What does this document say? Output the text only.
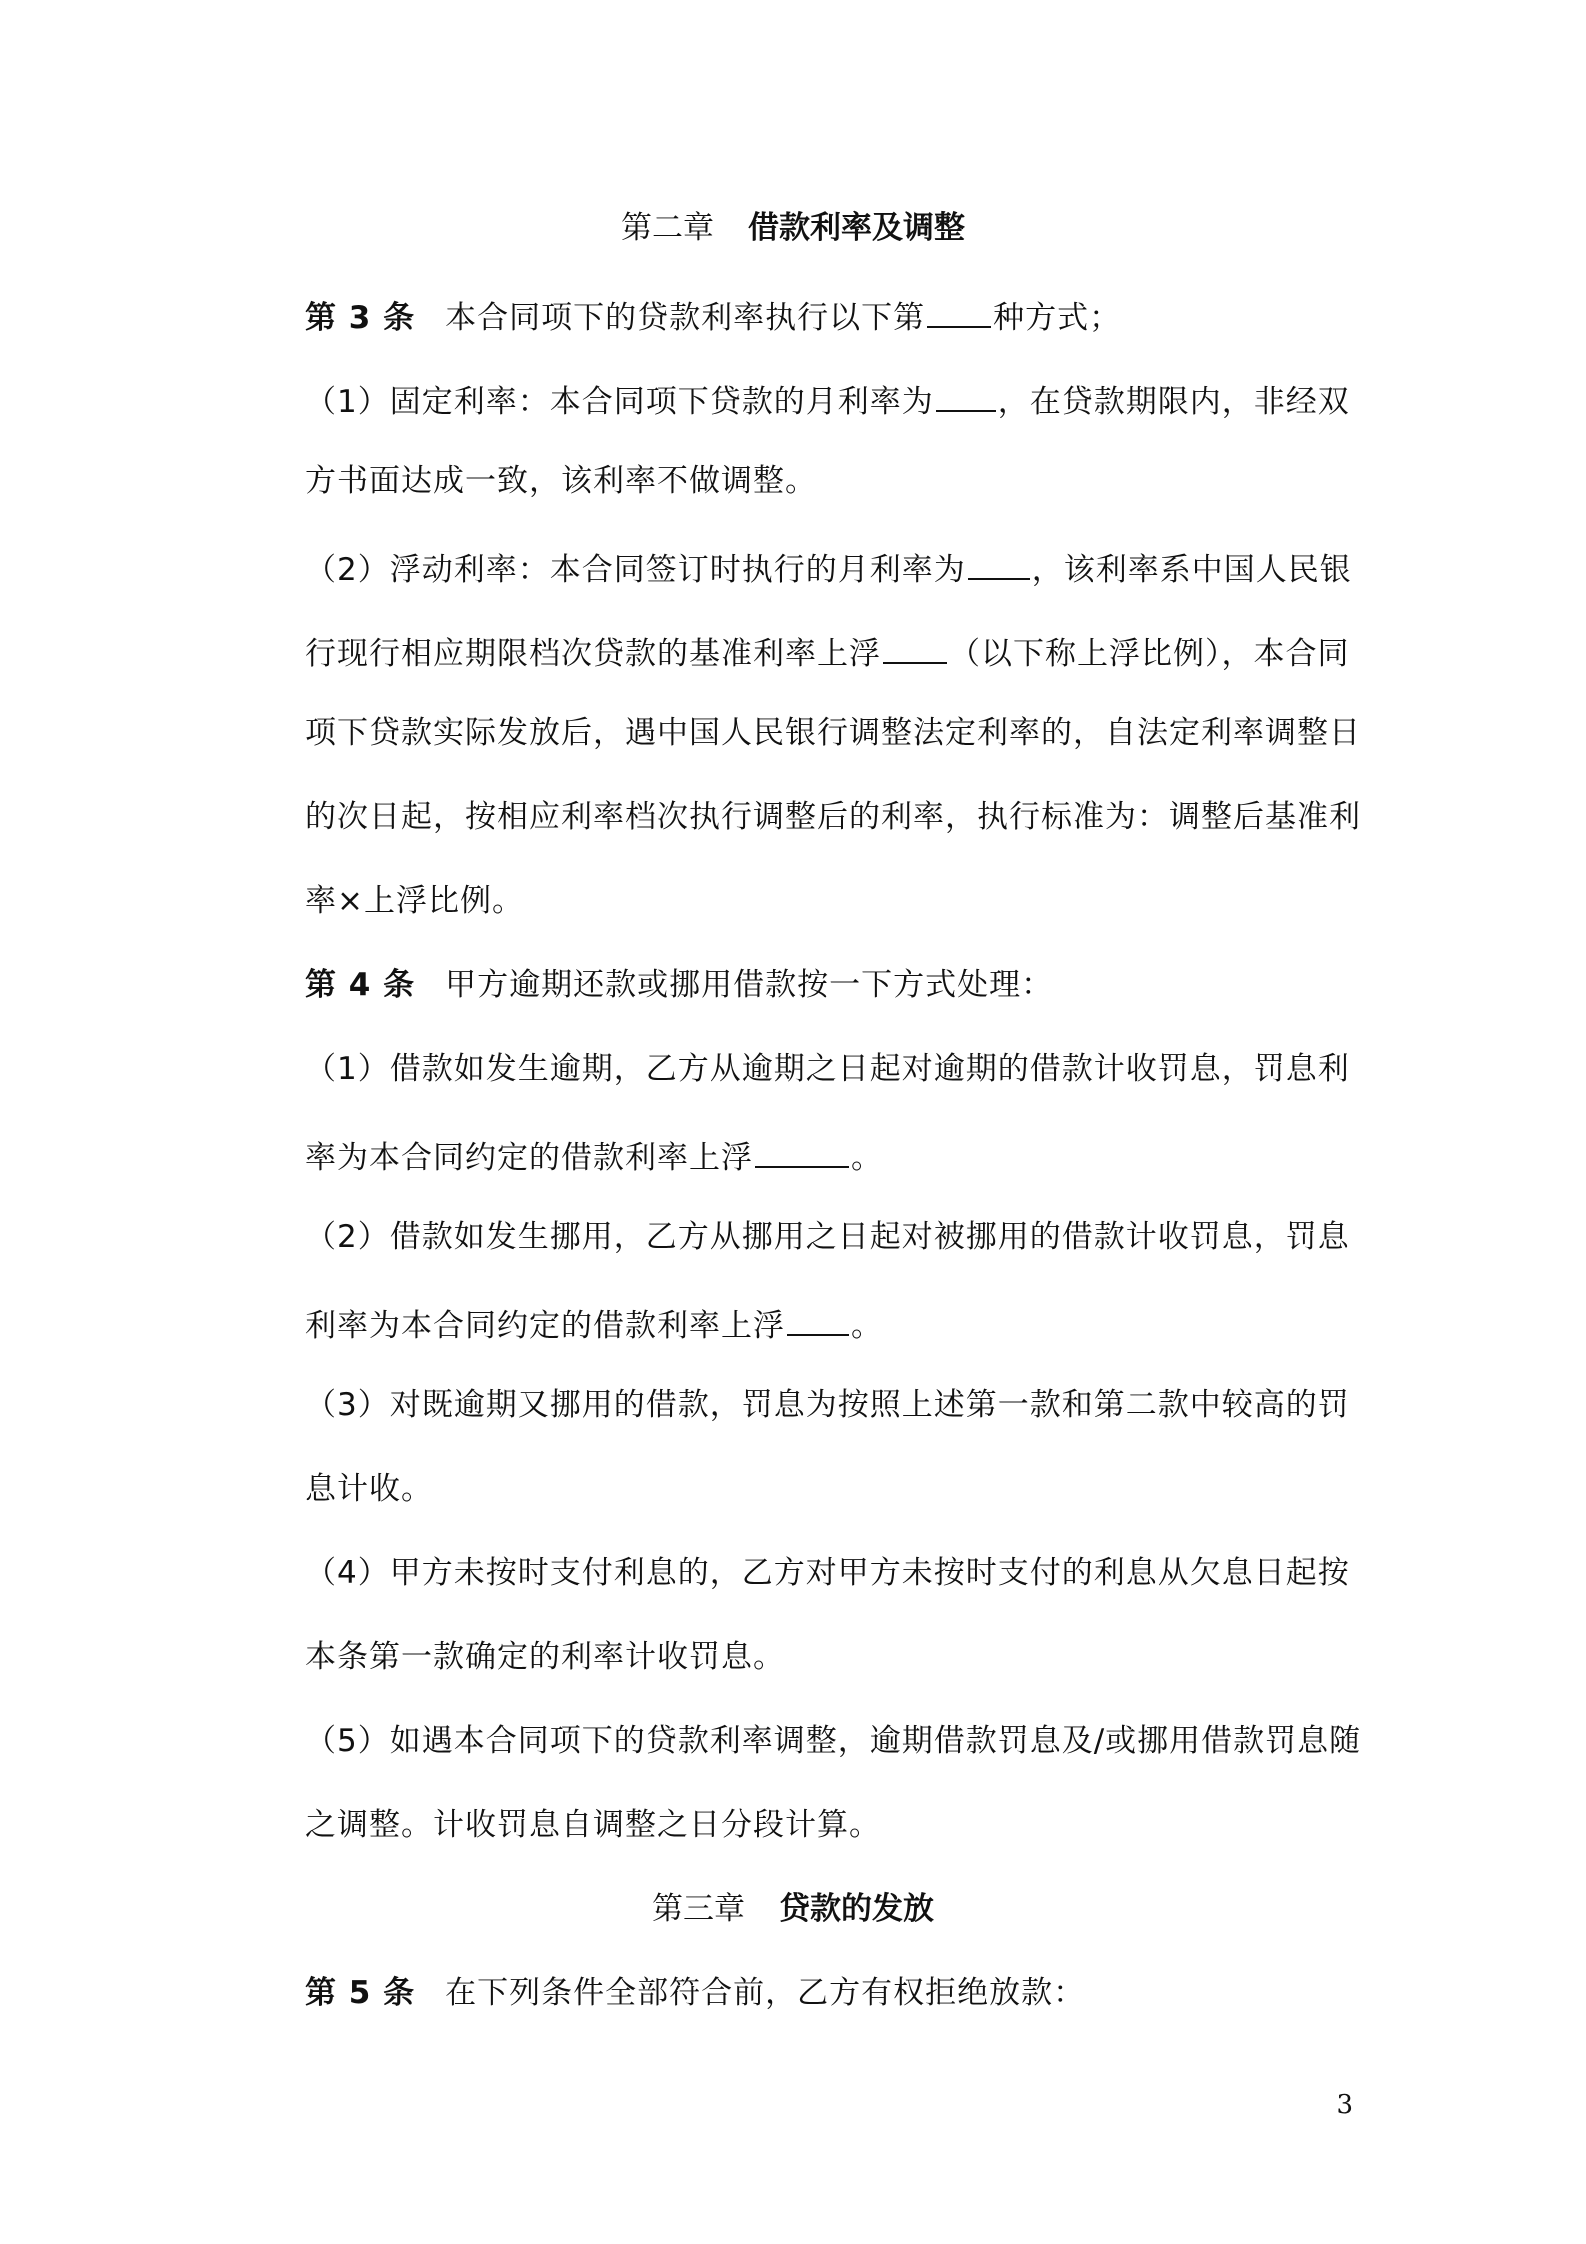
第二章 借款利率及调整
第 3 条 本合同项下的贷款利率执行以下第 种方式；
（1）固定利率：本合同项下贷款的月利率为 ，在贷款期限内，非经双
方书面达成一致，该利率不做调整。
（2）浮动利率：本合同签订时执行的月利率为 ，该利率系中国人民银
行现行相应期限档次贷款的基准利率上浮 （以下称上浮比例），本合同
项下贷款实际发放后，遇中国人民银行调整法定利率的，自法定利率调整日
的次日起，按相应利率档次执行调整后的利率，执行标准为：调整后基准利
率×上浮比例。
第 4 条 甲方逾期还款或挪用借款按一下方式处理：
（1）借款如发生逾期，乙方从逾期之日起对逾期的借款计收罚息，罚息利
率为本合同约定的借款利率上浮	。
（2）借款如发生挪用，乙方从挪用之日起对被挪用的借款计收罚息，罚息
利率为本合同约定的借款利率上浮 。
（3）对既逾期又挪用的借款，罚息为按照上述第一款和第二款中较高的罚
息计收。
（4）甲方未按时支付利息的，乙方对甲方未按时支付的利息从欠息日起按
本条第一款确定的利率计收罚息。
（5）如遇本合同项下的贷款利率调整，逾期借款罚息及/或挪用借款罚息随
之调整。计收罚息自调整之日分段计算。
第三章 贷款的发放
第 5 条 在下列条件全部符合前，乙方有权拒绝放款：
3
